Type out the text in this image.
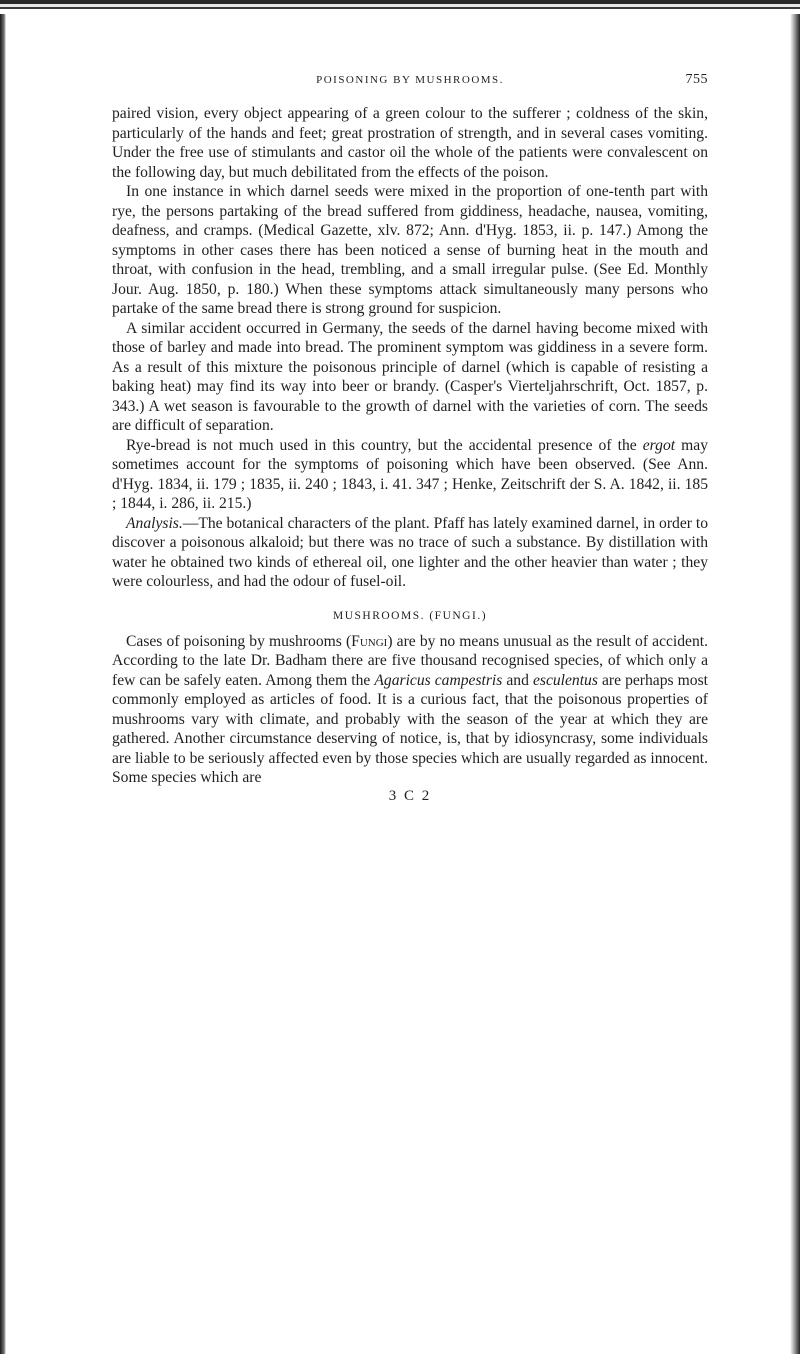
POISONING BY MUSHROOMS.	755

paired vision, every object appearing of a green colour to the sufferer ; coldness of the skin, particularly of the hands and feet; great prostration of strength, and in several cases vomiting. Under the free use of stimulants and castor oil the whole of the patients were convalescent on the following day, but much debilitated from the effects of the poison.

In one instance in which darnel seeds were mixed in the proportion of one-tenth part with rye, the persons partaking of the bread suffered from giddiness, headache, nausea, vomiting, deafness, and cramps. (Medical Gazette, xlv. 872; Ann. d'Hyg. 1853, ii. p. 147.) Among the symptoms in other cases there has been noticed a sense of burning heat in the mouth and throat, with confusion in the head, trembling, and a small irregular pulse. (See Ed. Monthly Jour. Aug. 1850, p. 180.) When these symptoms attack simultaneously many persons who partake of the same bread there is strong ground for suspicion.

A similar accident occurred in Germany, the seeds of the darnel having become mixed with those of barley and made into bread. The prominent symptom was giddiness in a severe form. As a result of this mixture the poisonous principle of darnel (which is capable of resisting a baking heat) may find its way into beer or brandy. (Casper's Vierteljahrschrift, Oct. 1857, p. 343.) A wet season is favourable to the growth of darnel with the varieties of corn. The seeds are difficult of separation.

Rye-bread is not much used in this country, but the accidental presence of the ergot may sometimes account for the symptoms of poisoning which have been observed. (See Ann. d'Hyg. 1834, ii. 179 ; 1835, ii. 240 ; 1843, i. 41. 347 ; Henke, Zeitschrift der S. A. 1842, ii. 185 ; 1844, i. 286, ii. 215.)

Analysis.—The botanical characters of the plant. Pfaff has lately examined darnel, in order to discover a poisonous alkaloid; but there was no trace of such a substance. By distillation with water he obtained two kinds of ethereal oil, one lighter and the other heavier than water ; they were colourless, and had the odour of fusel-oil.

MUSHROOMS. (FUNGI.)

Cases of poisoning by mushrooms (Fungi) are by no means unusual as the result of accident. According to the late Dr. Badham there are five thousand recognised species, of which only a few can be safely eaten. Among them the Agaricus campestris and esculentus are perhaps most commonly employed as articles of food. It is a curious fact, that the poisonous properties of mushrooms vary with climate, and probably with the season of the year at which they are gathered. Another circumstance deserving of notice, is, that by idiosyncrasy, some individuals are liable to be seriously affected even by those species which are usually regarded as innocent. Some species which are

3 C 2
